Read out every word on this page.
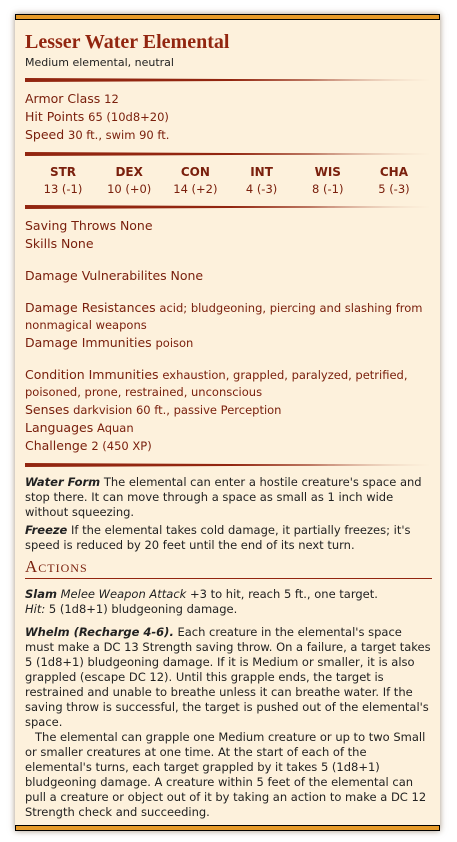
Lesser Water Elemental
Medium elemental, neutral
Armor Class 12
Hit Points 65 (10d8+20)
Speed 30 ft., swim 90 ft.
STR
13 (-1)
DEX
10 (+0)
CON
14 (+2)
INT
4 (-3)
WIS
8 (-1)
CHA
5 (-3)
Saving Throws None
Skills None
Damage Vulnerabilites None
Damage Resistances acid; bludgeoning, piercing and slashing from nonmagical weapons
Damage Immunities poison
Condition Immunities exhaustion, grappled, paralyzed, petrified, poisoned, prone, restrained, unconscious
Senses darkvision 60 ft., passive Perception
Languages Aquan
Challenge 2 (450 XP)

Water Form The elemental can enter a hostile creature's space and stop there. It can move through a space as small as 1 inch wide without squeezing.

Freeze If the elemental takes cold damage, it partially freezes; it's speed is reduced by 20 feet until the end of its next turn.

Actions

Slam Melee Weapon Attack +3 to hit, reach 5 ft., one target.
Hit: 5 (1d8+1) bludgeoning damage.

Whelm (Recharge 4-6). Each creature in the elemental's space must make a DC 13 Strength saving throw. On a failure, a target takes 5 (1d8+1) bludgeoning damage. If it is Medium or smaller, it is also grappled (escape DC 12). Until this grapple ends, the target is restrained and unable to breathe unless it can breathe water. If the saving throw is successful, the target is pushed out of the elemental's space.

The elemental can grapple one Medium creature or up to two Small or smaller creatures at one time. At the start of each of the elemental's turns, each target grappled by it takes 5 (1d8+1) bludgeoning damage. A creature within 5 feet of the elemental can pull a creature or object out of it by taking an action to make a DC 12 Strength check and succeeding.
